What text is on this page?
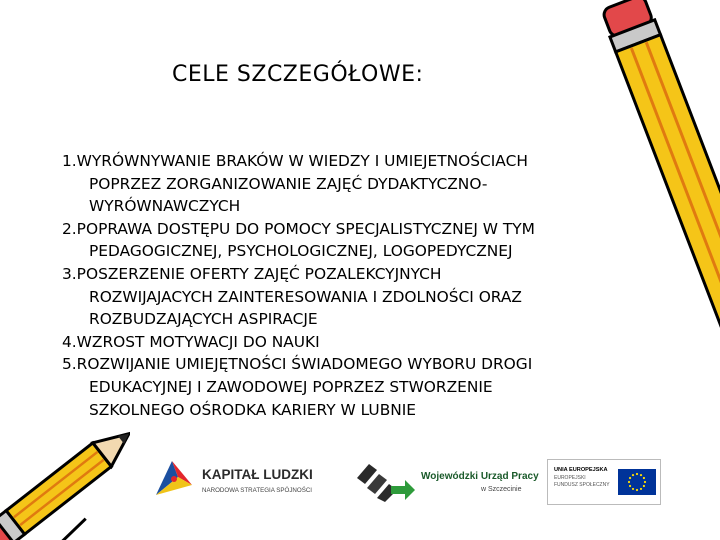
CELE SZCZEGÓŁOWE:
1.WYRÓWNYWANIE BRAKÓW W WIEDZY I UMIEJETNOŚCIACH
POPRZEZ ZORGANIZOWANIE ZAJĘĆ DYDAKTYCZNO-
WYRÓWNAWCZYCH
2.POPRAWA DOSTĘPU DO POMOCY SPECJALISTYCZNEJ W TYM
PEDAGOGICZNEJ, PSYCHOLOGICZNEJ, LOGOPEDYCZNEJ
3.POSZERZENIE OFERTY ZAJĘĆ POZALEKCYJNYCH
ROZWIJAJACYCH ZAINTERESOWANIA I ZDOLNOŚCI ORAZ
ROZBUDZAJĄCYCH ASPIRACJE
4.WZROST MOTYWACJI DO NAUKI
5.ROZWIJANIE UMIEJĘTNOŚCI ŚWIADOMEGO WYBORU DROGI
EDUKACYJNEJ I ZAWODOWEJ POPRZEZ STWORZENIE
SZKOLNEGO OŚRODKA KARIERY W LUBNIE
KAPITAŁ LUDZKI
NARODOWA STRATEGIA SPÓJNOŚCI
Wojewódzki Urząd Pracy
w Szczecinie
UNIA EUROPEJSKA
EUROPEJSKI
FUNDUSZ SPOŁECZNY
